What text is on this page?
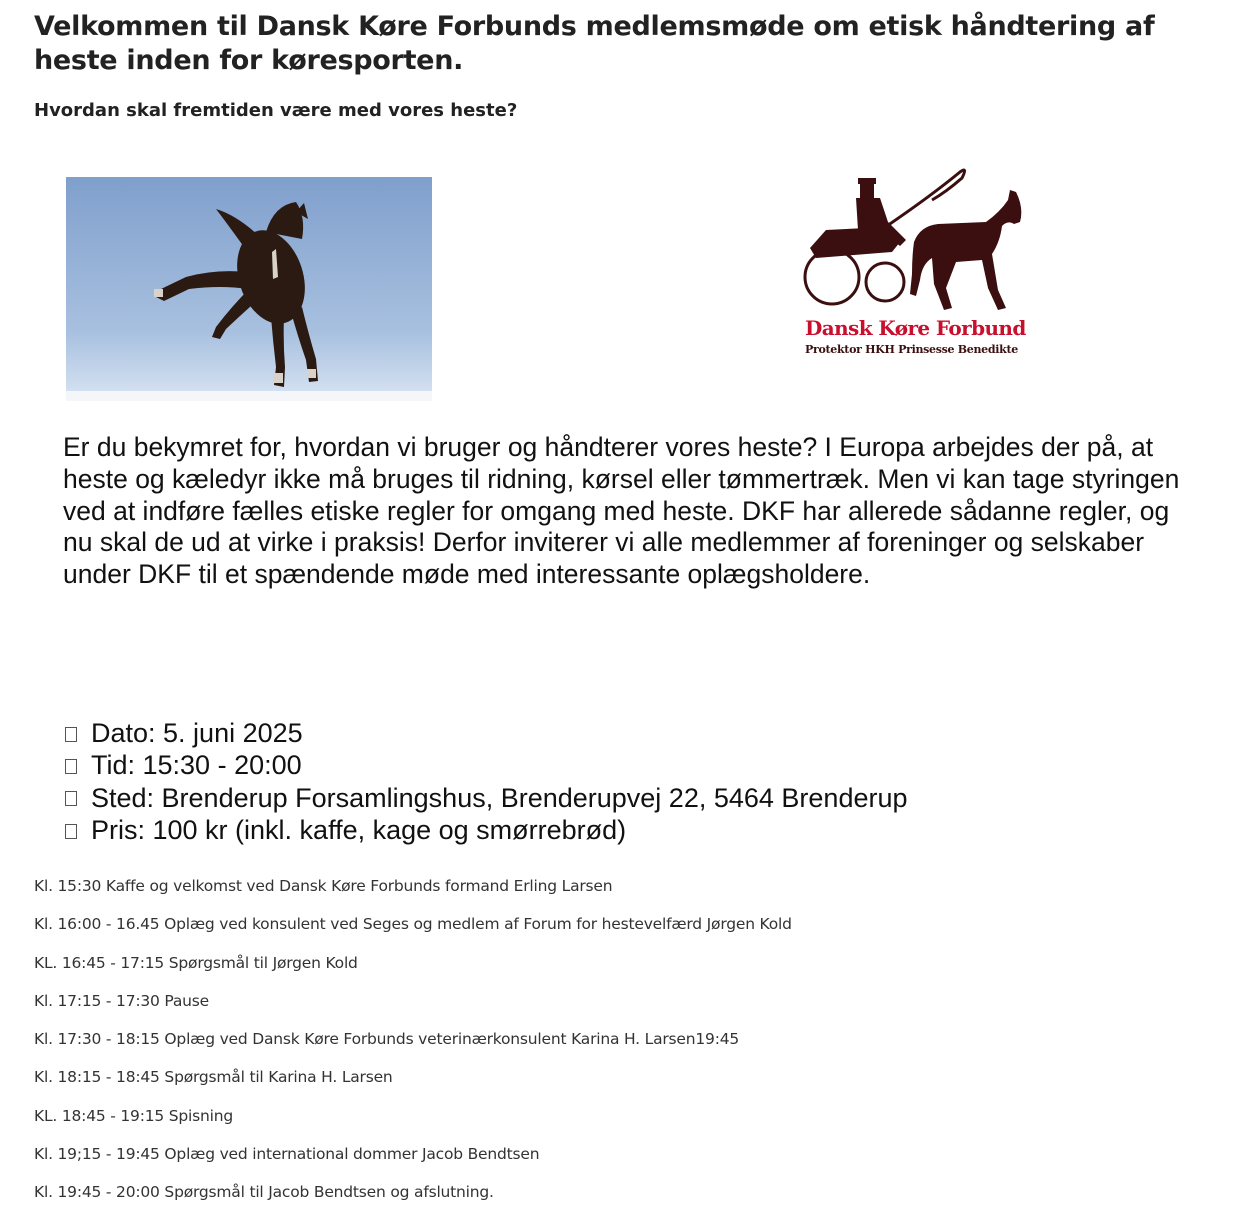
Velkommen til Dansk Køre Forbunds medlemsmøde om etisk håndtering af heste inden for køresporten.
Hvordan skal fremtiden være med vores heste?
Dansk Køre Forbund
Protektor HKH Prinsesse Benedikte

Er du bekymret for, hvordan vi bruger og håndterer vores heste? I Europa arbejdes der på, at heste og kæledyr ikke må bruges til ridning, kørsel eller tømmertræk. Men vi kan tage styringen ved at indføre fælles etiske regler for omgang med heste. DKF har allerede sådanne regler, og nu skal de ud at virke i praksis! Derfor inviterer vi alle medlemmer af foreninger og selskaber under DKF til et spændende møde med interessante oplægsholdere.

Dato: 5. juni 2025
Tid: 15:30 - 20:00
Sted: Brenderup Forsamlingshus, Brenderupvej 22, 5464 Brenderup
Pris: 100 kr (inkl. kaffe, kage og smørrebrød)
Kl. 15:30 Kaffe og velkomst ved Dansk Køre Forbunds formand Erling Larsen
Kl. 16:00 - 16.45 Oplæg ved konsulent ved Seges og medlem af Forum for hestevelfærd Jørgen Kold
KL. 16:45 - 17:15 Spørgsmål til Jørgen Kold
Kl. 17:15 - 17:30 Pause
Kl. 17:30 - 18:15 Oplæg ved Dansk Køre Forbunds veterinærkonsulent Karina H. Larsen19:45
Kl. 18:15 - 18:45 Spørgsmål til Karina H. Larsen
KL. 18:45 - 19:15 Spisning
Kl. 19;15 - 19:45 Oplæg ved international dommer Jacob Bendtsen
Kl. 19:45 - 20:00 Spørgsmål til Jacob Bendtsen og afslutning.
